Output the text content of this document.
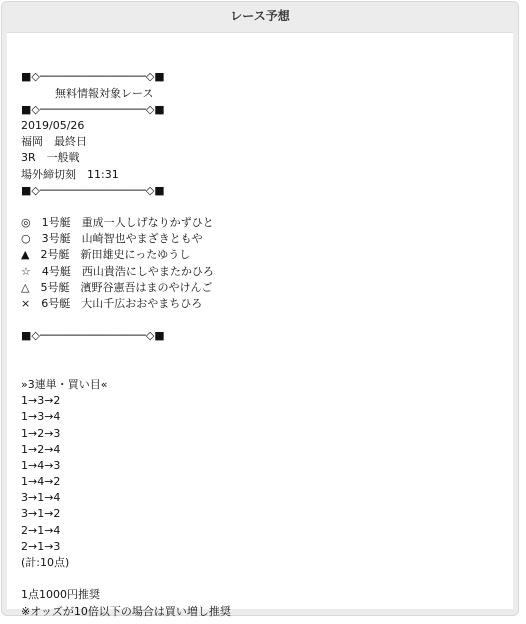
レース予想
■◇────────────────◇■
無料情報対象レース
■◇────────────────◇■
2019/05/26
福岡　最終日
3R　一般戦
場外締切刻　11:31
■◇────────────────◇■
◎　1号艇　重成一人しげなりかずひと
○　3号艇　山崎智也やまざきともや
▲　2号艇　新田雄史にったゆうし
☆　4号艇　西山貴浩にしやまたかひろ
△　5号艇　濱野谷憲吾はまのやけんご
×　6号艇　大山千広おおやまちひろ
■◇────────────────◇■
»3連単・買い目«
1→3→2
1→3→4
1→2→3
1→2→4
1→4→3
1→4→2
3→1→4
3→1→2
2→1→4
2→1→3
(計:10点)
1点1000円推奨
※オッズが10倍以下の場合は買い増し推奨
